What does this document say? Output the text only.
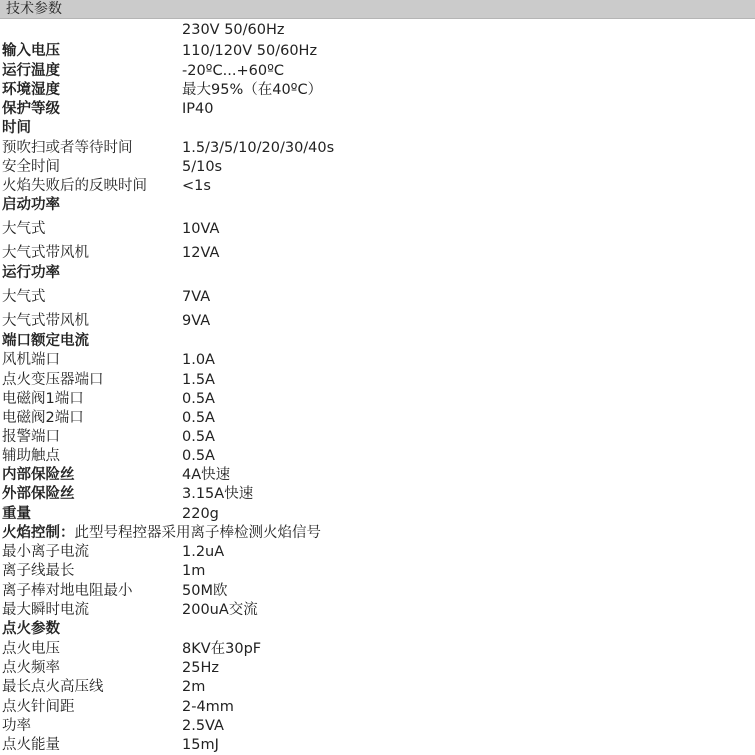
技术参数
输入电压
230V 50/60Hz
110/120V 50/60Hz
运行温度	-20ºC...+60ºC
环境湿度	最大95%（在40ºC）
保护等级	IP40
时间
预吹扫或者等待时间	1.5/3/5/10/20/30/40s
安全时间	5/10s
火焰失败后的反映时间 <1s
启动功率
大气式	10VA
大气式带风机	12VA
运行功率
大气式	7VA
大气式带风机	9VA
端口额定电流
风机端口	1.0A
点火变压器端口	1.5A
电磁阀1端口	0.5A
电磁阀2端口	0.5A
报警端口	0.5A
辅助触点	0.5A
内部保险丝	4A快速
外部保险丝	3.15A快速
重量	220g
火焰控制：此型号程控器采用离子棒检测火焰信号
最小离子电流	1.2uA
离子线最长	1m
离子棒对地电阻最小	50M欧
最大瞬时电流	200uA交流
点火参数
点火电压	8KV在30pF
点火频率	25Hz
最长点火高压线	2m
点火针间距	2-4mm
功率	2.5VA
点火能量	15mJ
